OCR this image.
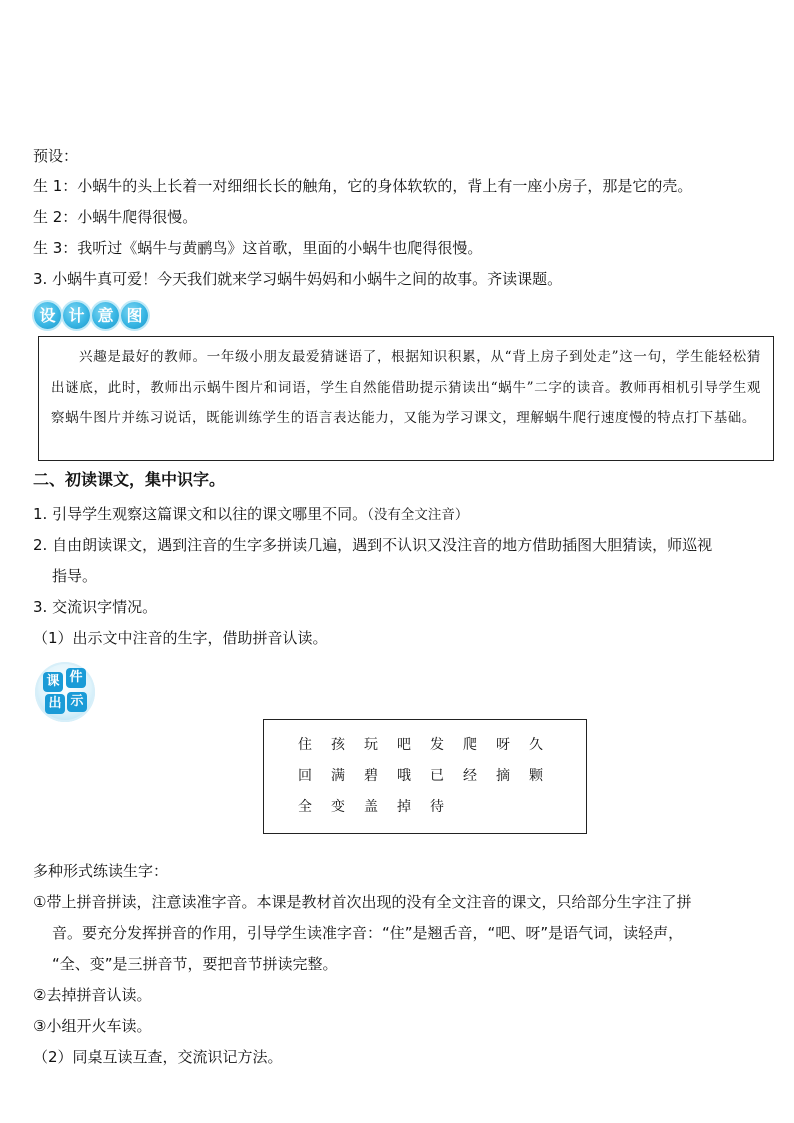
预设：
生 1：小蜗牛的头上长着一对细细长长的触角，它的身体软软的，背上有一座小房子，那是它的壳。
生 2：小蜗牛爬得很慢。
生 3：我听过《蜗牛与黄鹂鸟》这首歌，里面的小蜗牛也爬得很慢。
3. 小蜗牛真可爱！今天我们就来学习蜗牛妈妈和小蜗牛之间的故事。齐读课题。
设 计 意 图
兴趣是最好的教师。一年级小朋友最爱猜谜语了，根据知识积累，从“背上房子到处走”这一句，学生能轻松猜出谜底，此时，教师出示蜗牛图片和词语，学生自然能借助提示猜读出“蜗牛”二字的读音。教师再相机引导学生观察蜗牛图片并练习说话，既能训练学生的语言表达能力，又能为学习课文，理解蜗牛爬行速度慢的特点打下基础。
二、初读课文，集中识字。
1. 引导学生观察这篇课文和以往的课文哪里不同。（没有全文注音）
2. 自由朗读课文，遇到注音的生字多拼读几遍，遇到不认识又没注音的地方借助插图大胆猜读，师巡视
指导。
3. 交流识字情况。
（1）出示文中注音的生字，借助拼音认读。
课 件
出 示
住	孩	玩	吧	发	爬	呀	久
回	满	碧	哦	已	经	摘	颗
全	变	盖	掉	待
多种形式练读生字：
①带上拼音拼读，注意读准字音。本课是教材首次出现的没有全文注音的课文，只给部分生字注了拼
音。要充分发挥拼音的作用，引导学生读准字音：“住”是翘舌音，“吧、呀”是语气词，读轻声，
“全、变”是三拼音节，要把音节拼读完整。
②去掉拼音认读。
③小组开火车读。
（2）同桌互读互查，交流识记方法。
